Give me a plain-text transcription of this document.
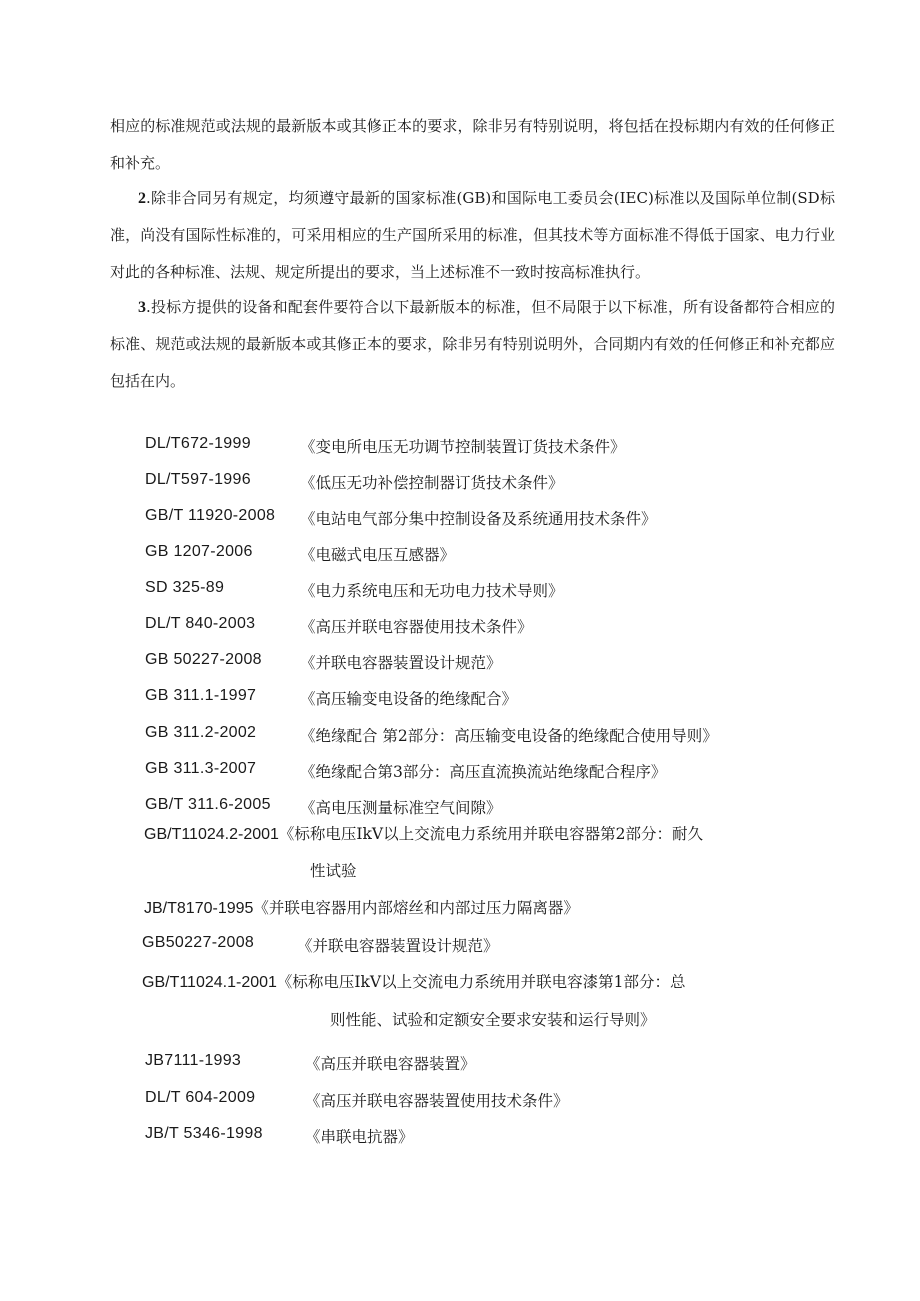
相应的标准规范或法规的最新版本或其修正本的要求，除非另有特别说明，将包括在投标期内有效的任何修正和补充。
2.除非合同另有规定，均须遵守最新的国家标准(GB)和国际电工委员会(IEC)标准以及国际单位制(SD标准，尚没有国际性标准的，可采用相应的生产国所采用的标准，但其技术等方面标准不得低于国家、电力行业对此的各种标准、法规、规定所提出的要求，当上述标准不一致时按高标准执行。
3.投标方提供的设备和配套件要符合以下最新版本的标准，但不局限于以下标准，所有设备都符合相应的标准、规范或法规的最新版本或其修正本的要求，除非另有特别说明外，合同期内有效的任何修正和补充都应包括在内。
DL/T672-1999	《变电所电压无功调节控制装置订货技术条件》
DL/T597-1996	《低压无功补偿控制器订货技术条件》
GB/T 11920-2008 《电站电气部分集中控制设备及系统通用技术条件》
GB 1207-2006	《电磁式电压互感器》
SD 325-89	《电力系统电压和无功电力技术导则》
DL/T 840-2003	《高压并联电容器使用技术条件》
GB 50227-2008 《并联电容器装置设计规范》
GB 311.1-1997	《高压输变电设备的绝缘配合》
GB 311.2-2002	《绝缘配合 第2部分：高压输变电设备的绝缘配合使用导则》
GB 311.3-2007	《绝缘配合第3部分：高压直流换流站绝缘配合程序》
GB/T 311.6-2005 《高电压测量标准空气间隙》
GB/T11024.2-2001《标称电压IkV以上交流电力系统用并联电容器第2部分：耐久
性试验
JB/T8170-1995《并联电容器用内部熔丝和内部过压力隔离器》
GB50227-2008	《并联电容器装置设计规范》
GB/T11024.1-2001《标称电压IkV以上交流电力系统用并联电容漆第1部分：总
则性能、试验和定额安全要求安装和运行导则》
JB7111-1993	《高压并联电容器装置》
DL/T 604-2009	《高压并联电容器装置使用技术条件》
JB/T 5346-1998	《串联电抗器》
